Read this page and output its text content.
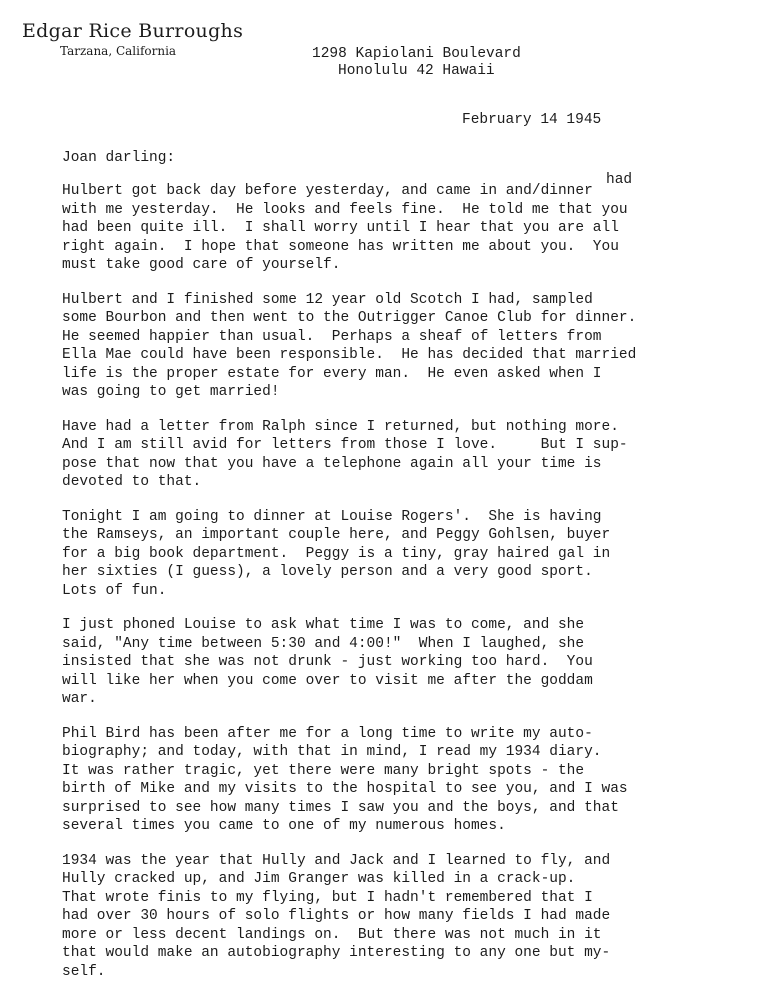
Edgar Rice Burroughs
Tarzana, California	1298 Kapiolani Boulevard
Honolulu 42 Hawaii
February 14 1945
Joan darling:
had
Hulbert got back day before yesterday, and came in and/dinner
with me yesterday.  He looks and feels fine.  He told me that you
had been quite ill.  I shall worry until I hear that you are all
right again.  I hope that someone has written me about you.  You
must take good care of yourself.
Hulbert and I finished some 12 year old Scotch I had, sampled
some Bourbon and then went to the Outrigger Canoe Club for dinner.
He seemed happier than usual.  Perhaps a sheaf of letters from
Ella Mae could have been responsible.  He has decided that married
life is the proper estate for every man.  He even asked when I
was going to get married!
Have had a letter from Ralph since I returned, but nothing more.
And I am still avid for letters from those I love.     But I sup-
pose that now that you have a telephone again all your time is
devoted to that.
Tonight I am going to dinner at Louise Rogers'.  She is having
the Ramseys, an important couple here, and Peggy Gohlsen, buyer
for a big book department.  Peggy is a tiny, gray haired gal in
her sixties (I guess), a lovely person and a very good sport.
Lots of fun.
I just phoned Louise to ask what time I was to come, and she
said, "Any time between 5:30 and 4:00!"  When I laughed, she
insisted that she was not drunk - just working too hard.  You
will like her when you come over to visit me after the goddam
war.
Phil Bird has been after me for a long time to write my auto-
biography; and today, with that in mind, I read my 1934 diary.
It was rather tragic, yet there were many bright spots - the
birth of Mike and my visits to the hospital to see you, and I was
surprised to see how many times I saw you and the boys, and that
several times you came to one of my numerous homes.
1934 was the year that Hully and Jack and I learned to fly, and
Hully cracked up, and Jim Granger was killed in a crack-up.
That wrote finis to my flying, but I hadn't remembered that I
had over 30 hours of solo flights or how many fields I had made
more or less decent landings on.  But there was not much in it
that would make an autobiography interesting to any one but my-
self.
